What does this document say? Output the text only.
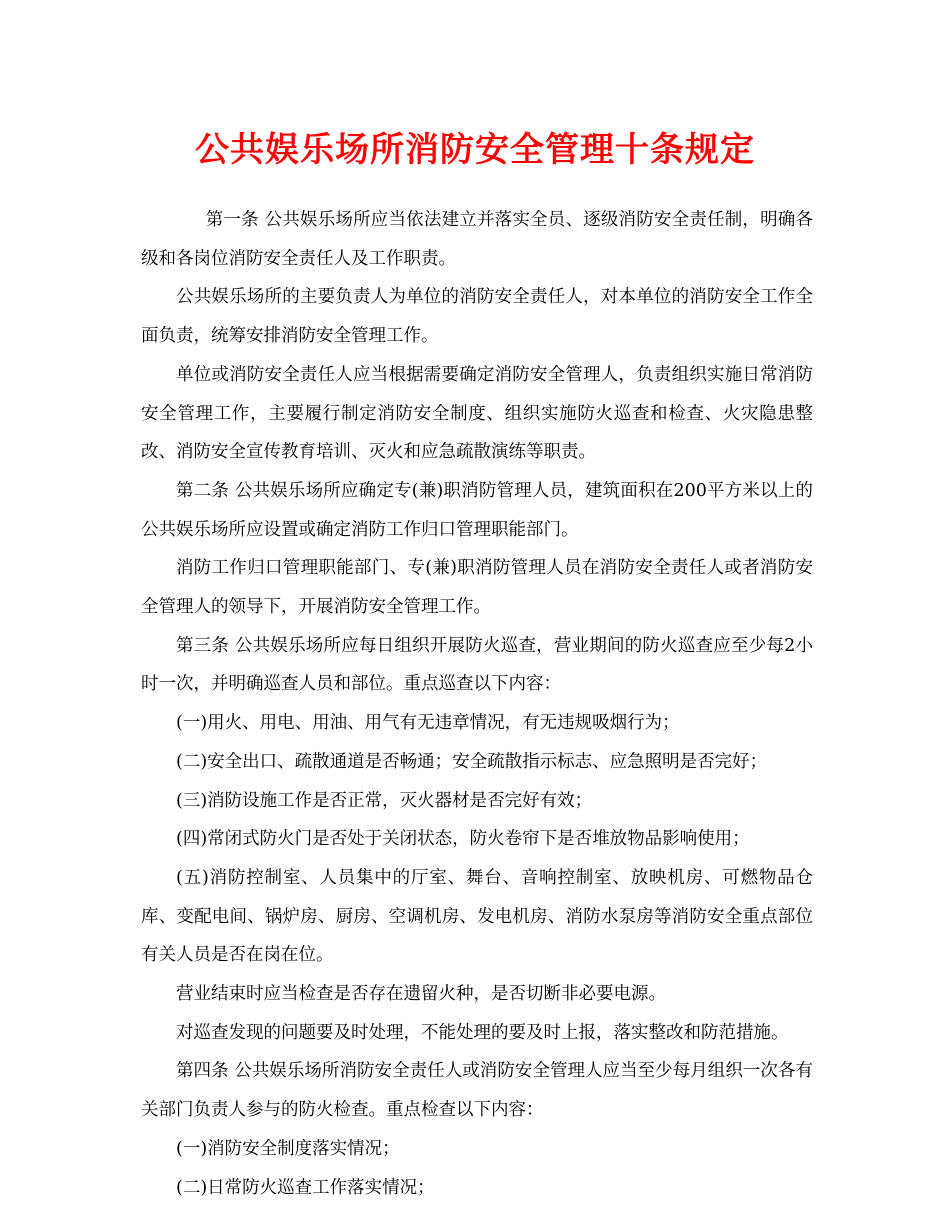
公共娱乐场所消防安全管理十条规定

第一条 公共娱乐场所应当依法建立并落实全员、逐级消防安全责任制，明确各级和各岗位消防安全责任人及工作职责。

公共娱乐场所的主要负责人为单位的消防安全责任人，对本单位的消防安全工作全面负责，统筹安排消防安全管理工作。

单位或消防安全责任人应当根据需要确定消防安全管理人，负责组织实施日常消防安全管理工作，主要履行制定消防安全制度、组织实施防火巡查和检查、火灾隐患整改、消防安全宣传教育培训、灭火和应急疏散演练等职责。

第二条 公共娱乐场所应确定专(兼)职消防管理人员，建筑面积在200平方米以上的公共娱乐场所应设置或确定消防工作归口管理职能部门。

消防工作归口管理职能部门、专(兼)职消防管理人员在消防安全责任人或者消防安全管理人的领导下，开展消防安全管理工作。

第三条 公共娱乐场所应每日组织开展防火巡查，营业期间的防火巡查应至少每2小时一次，并明确巡查人员和部位。重点巡查以下内容：

(一)用火、用电、用油、用气有无违章情况，有无违规吸烟行为；

(二)安全出口、疏散通道是否畅通；安全疏散指示标志、应急照明是否完好；

(三)消防设施工作是否正常，灭火器材是否完好有效；

(四)常闭式防火门是否处于关闭状态，防火卷帘下是否堆放物品影响使用；

(五)消防控制室、人员集中的厅室、舞台、音响控制室、放映机房、可燃物品仓库、变配电间、锅炉房、厨房、空调机房、发电机房、消防水泵房等消防安全重点部位有关人员是否在岗在位。

营业结束时应当检查是否存在遗留火种，是否切断非必要电源。

对巡查发现的问题要及时处理，不能处理的要及时上报，落实整改和防范措施。

第四条 公共娱乐场所消防安全责任人或消防安全管理人应当至少每月组织一次各有关部门负责人参与的防火检查。重点检查以下内容：

(一)消防安全制度落实情况；

(二)日常防火巡查工作落实情况；
